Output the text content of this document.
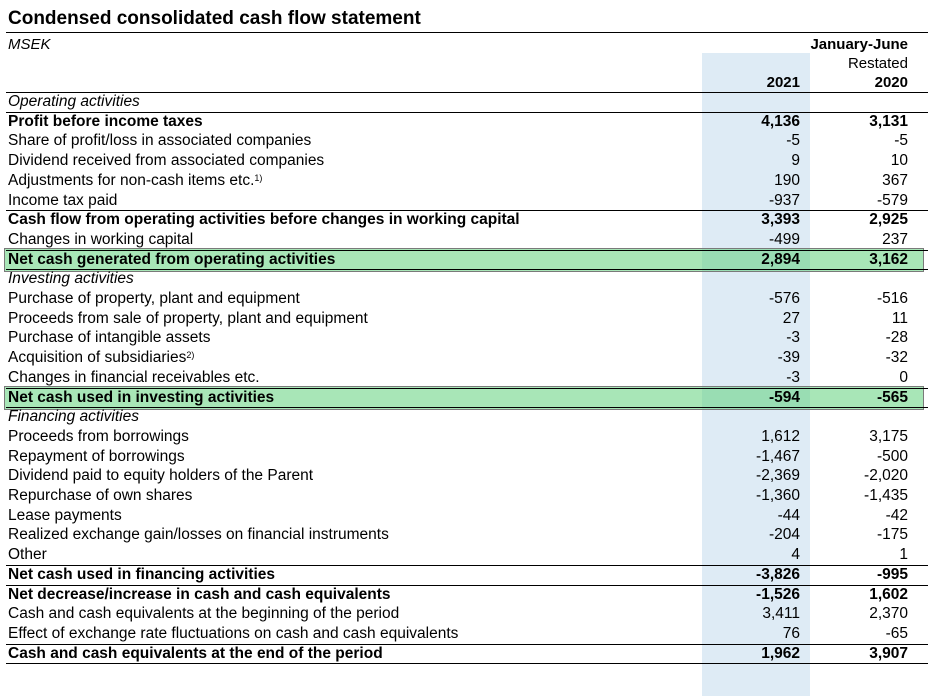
Condensed consolidated cash flow statement
MSEK	January-June
Restated
2021	2020
Operating activities
Profit before income taxes	4,136	3,131
Share of profit/loss in associated companies	-5	-5
Dividend received from associated companies	9	10
Adjustments for non-cash items etc.$^{1)}$	190	367
Income tax paid	-937	-579
Cash flow from operating activities before changes in working capital	3,393	2,925
Changes in working capital	-499	237
Net cash generated from operating activities	2,894	3,162
Investing activities
Purchase of property, plant and equipment	-576	-516
Proceeds from sale of property, plant and equipment	27	11
Purchase of intangible assets	-3	-28
Acquisition of subsidiaries$^{2)}$	-39	-32
Changes in financial receivables etc.	-3	0
Net cash used in investing activities	-594	-565
Financing activities
Proceeds from borrowings	1,612	3,175
Repayment of borrowings	-1,467	-500
Dividend paid to equity holders of the Parent	-2,369	-2,020
Repurchase of own shares	-1,360	-1,435
Lease payments	-44	-42
Realized exchange gain/losses on financial instruments	-204	-175
Other	4	1
Net cash used in financing activities	-3,826	-995
Net decrease/increase in cash and cash equivalents	-1,526	1,602
Cash and cash equivalents at the beginning of the period	3,411	2,370
Effect of exchange rate fluctuations on cash and cash equivalents	76	-65
Cash and cash equivalents at the end of the period	1,962	3,907
